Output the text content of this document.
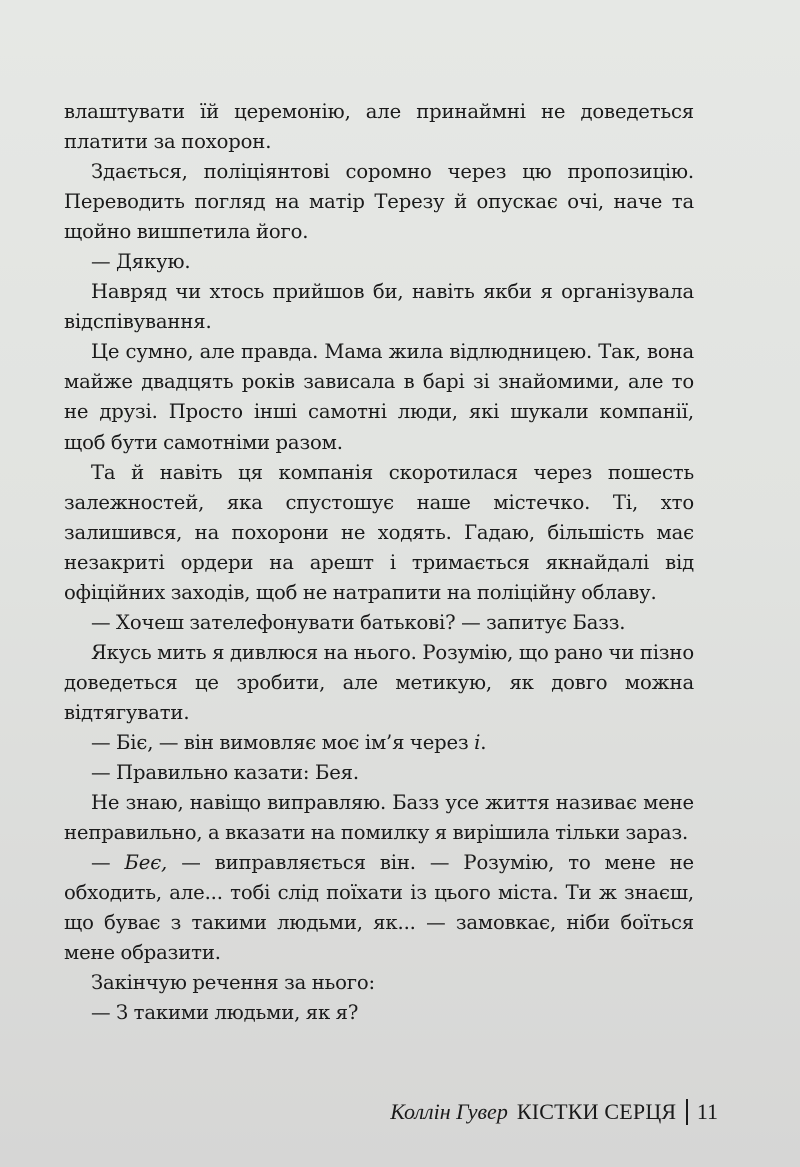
влаштувати їй церемонію, але принаймні не доведеться платити за похорон.

Здається, поліціянтові соромно через цю пропозицію. Переводить погляд на матір Терезу й опускає очі, наче та щойно вишпетила його.

— Дякую.

Навряд чи хтось прийшов би, навіть якби я організувала відспівування.

Це сумно, але правда. Мама жила відлюдницею. Так, вона майже двадцять років зависала в барі зі знайомими, але то не друзі. Просто інші самотні люди, які шукали компанії, щоб бути самотніми разом.

Та й навіть ця компанія скоротилася через пошесть залежностей, яка спустошує наше містечко. Ті, хто залишився, на похорони не ходять. Гадаю, більшість має незакриті ордери на арешт і тримається якнайдалі від офіційних заходів, щоб не натрапити на поліційну облаву.

— Хочеш зателефонувати батькові? — запитує Базз.

Якусь мить я дивлюся на нього. Розумію, що рано чи пізно доведеться це зробити, але метикую, як довго можна відтягувати.

— Біє, — він вимовляє моє ім’я через і.

— Правильно казати: Бея.

Не знаю, навіщо виправляю. Базз усе життя називає мене неправильно, а вказати на помилку я вирішила тільки зараз.

— Беє, — виправляється він. — Розумію, то мене не обходить, але... тобі слід поїхати із цього міста. Ти ж знаєш, що буває з такими людьми, як... — замовкає, ніби боїться мене образити.

Закінчую речення за нього:

— З такими людьми, як я?

Коллін Гувер КІСТКИ СЕРЦЯ 11
